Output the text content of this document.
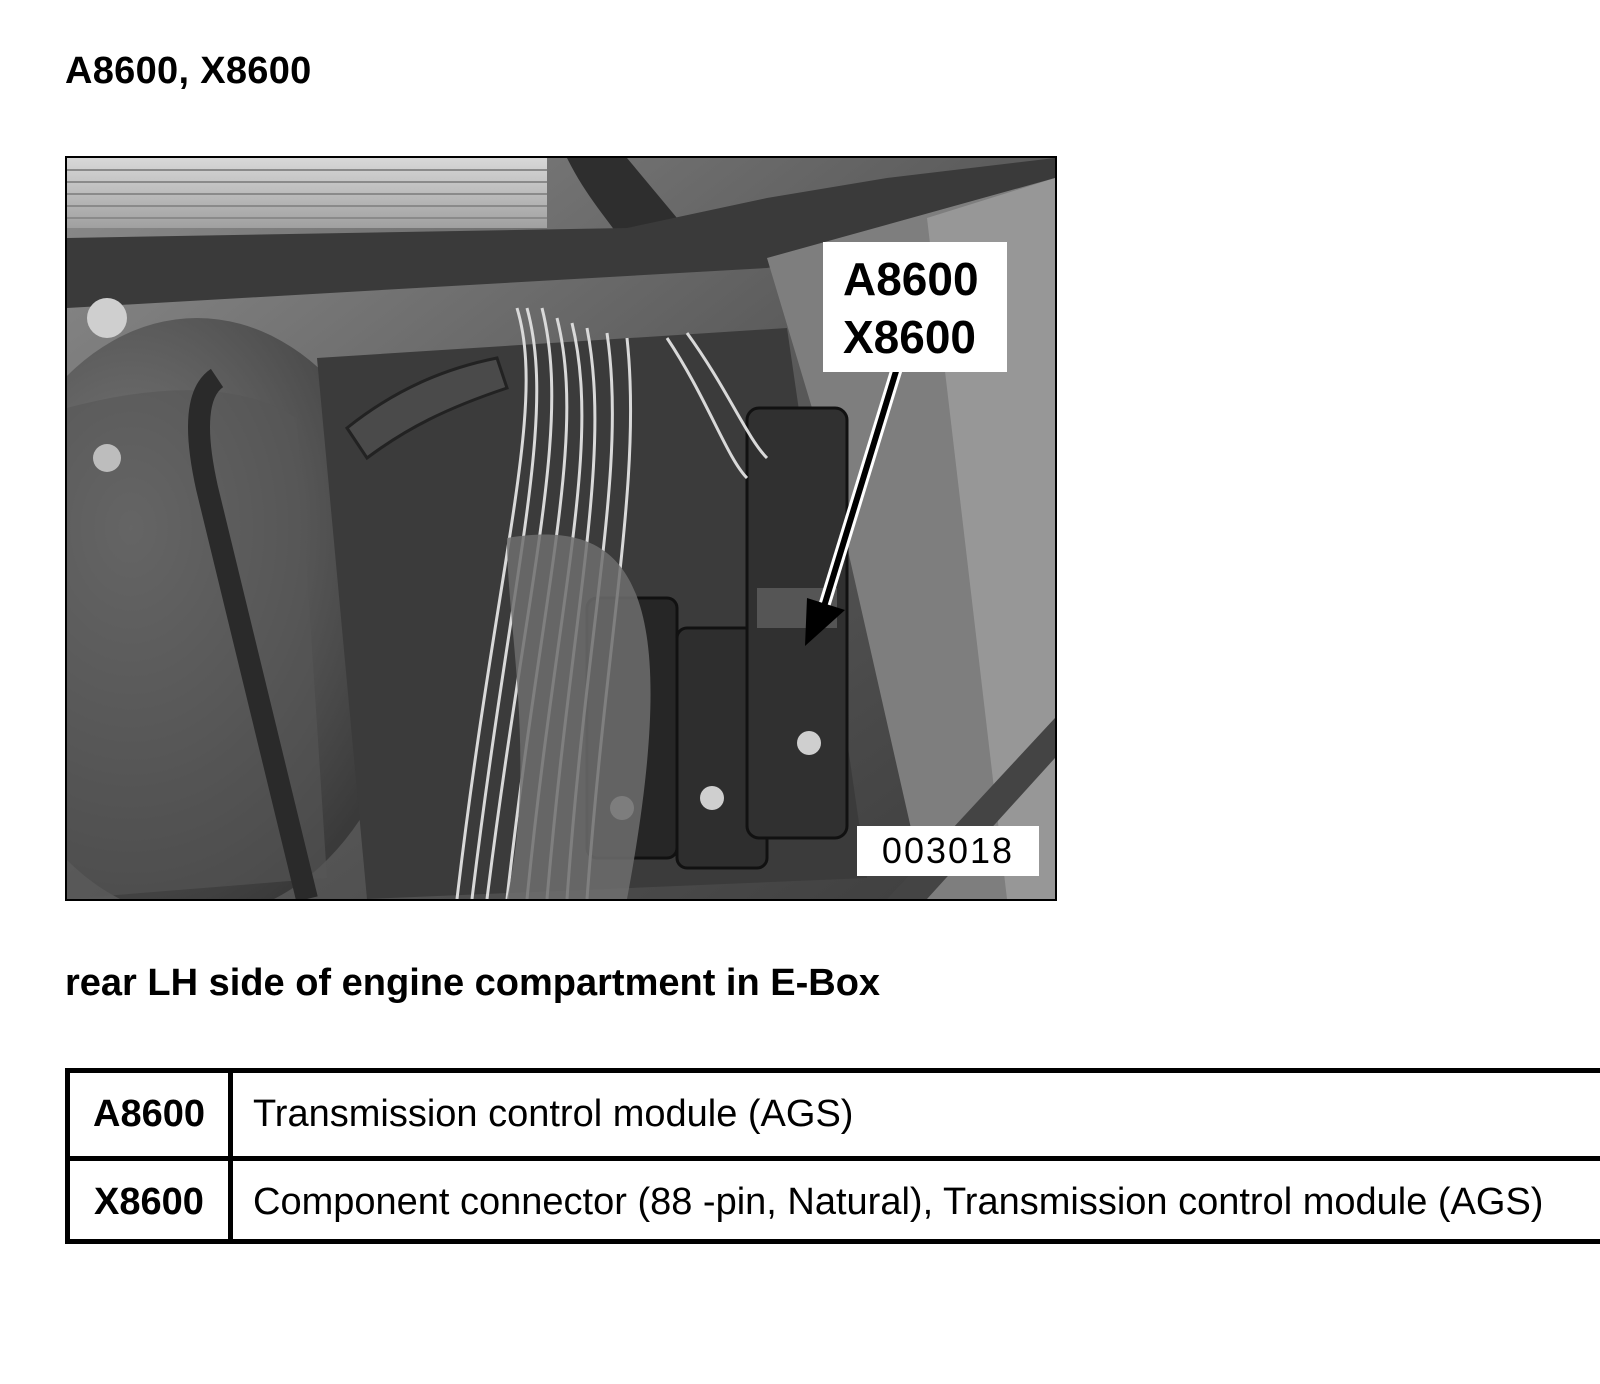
A8600, X8600
A8600
X8600
003018
rear LH side of engine compartment in E-Box
A8600	Transmission control module (AGS)
X8600	Component connector (88 -pin, Natural), Transmission control module (AGS)
